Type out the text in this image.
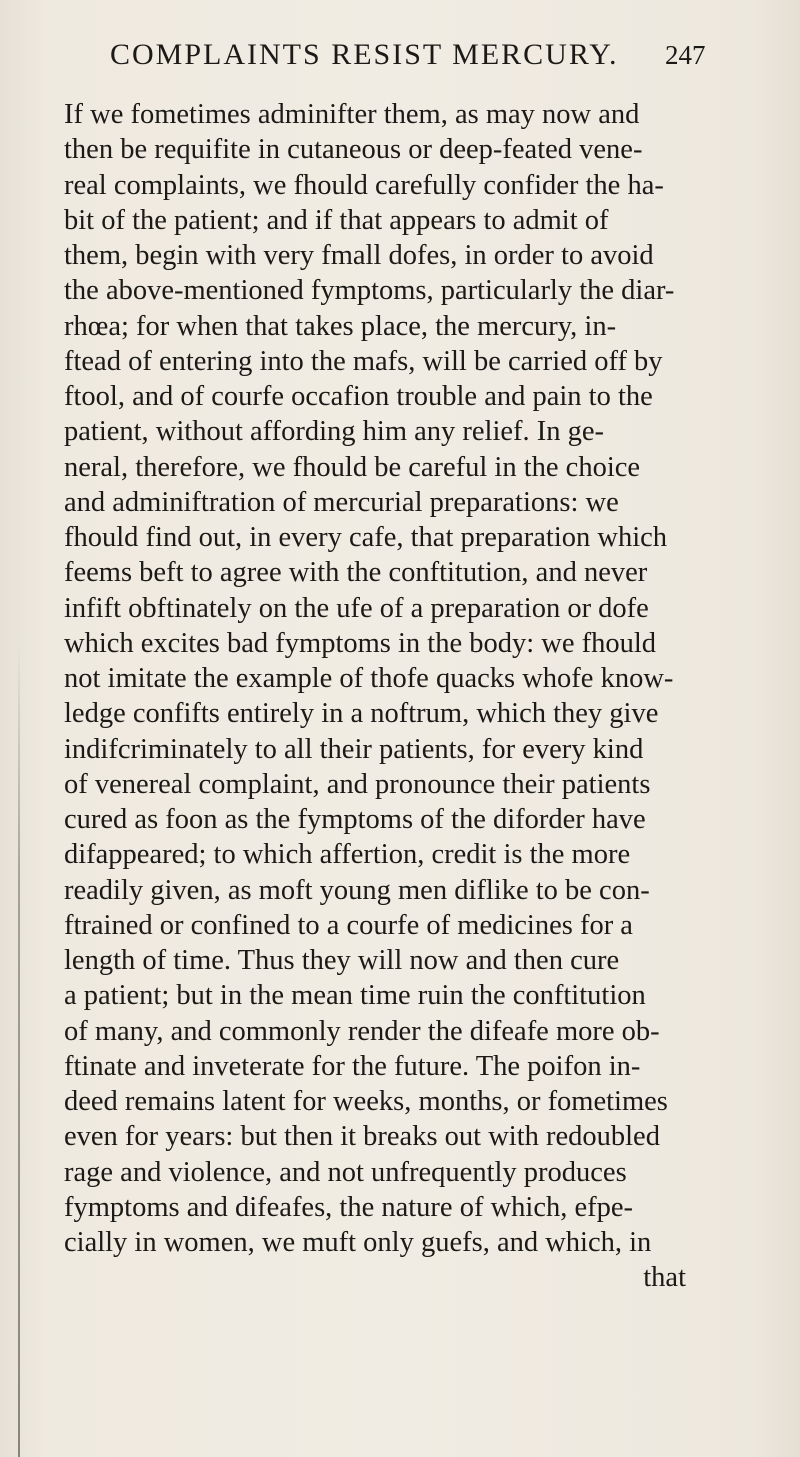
COMPLAINTS RESIST MERCURY. 247
If we fometimes adminifter them, as may now and
then be requifite in cutaneous or deep-feated vene-
real complaints, we fhould carefully confider the ha-
bit of the patient; and if that appears to admit of
them, begin with very fmall dofes, in order to avoid
the above-mentioned fymptoms, particularly the diar-
rhœa; for when that takes place, the mercury, in-
ftead of entering into the mafs, will be carried off by
ftool, and of courfe occafion trouble and pain to the
patient, without affording him any relief. In ge-
neral, therefore, we fhould be careful in the choice
and adminiftration of mercurial preparations: we
fhould find out, in every cafe, that preparation which
feems beft to agree with the conftitution, and never
infift obftinately on the ufe of a preparation or dofe
which excites bad fymptoms in the body: we fhould
not imitate the example of thofe quacks whofe know-
ledge confifts entirely in a noftrum, which they give
indifcriminately to all their patients, for every kind
of venereal complaint, and pronounce their patients
cured as foon as the fymptoms of the diforder have
difappeared; to which affertion, credit is the more
readily given, as moft young men diflike to be con-
ftrained or confined to a courfe of medicines for a
length of time. Thus they will now and then cure
a patient; but in the mean time ruin the conftitution
of many, and commonly render the difeafe more ob-
ftinate and inveterate for the future. The poifon in-
deed remains latent for weeks, months, or fometimes
even for years: but then it breaks out with redoubled
rage and violence, and not unfrequently produces
fymptoms and difeafes, the nature of which, efpe-
cially in women, we muft only guefs, and which, in
that
